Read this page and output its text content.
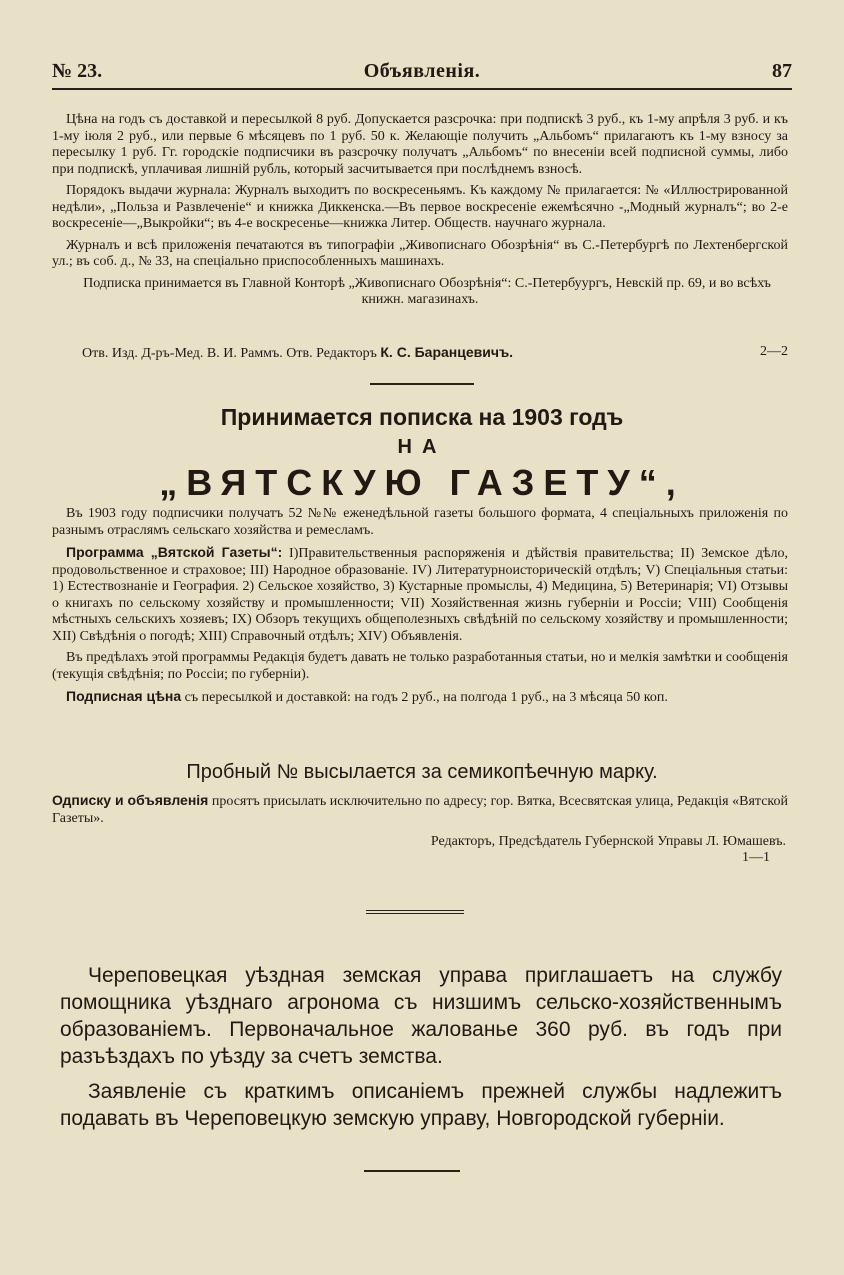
№ 23.	Объявленія.	87

Цѣна на годъ съ доставкой и пересылкой 8 руб. Допускается разсрочка: при подпискѣ 3 руб., къ 1-му апрѣля 3 руб. и къ 1-му іюля 2 руб., или первые 6 мѣсяцевъ по 1 руб. 50 к. Желающіе получить „Альбомъ“ прилагаютъ къ 1-му взносу за пересылку 1 руб. Гг. городскіе подписчики въ разсрочку получатъ „Альбомъ“ по внесеніи всей подписной суммы, либо при подпискѣ, уплачивая лишній рубль, который засчитывается при послѣднемъ взносѣ.

Порядокъ выдачи журнала: Журналъ выходитъ по воскресеньямъ. Къ каждому № прилагается: № «Иллюстрированной недѣли», „Польза и Развлеченіе“ и книжка Диккенска.—Въ первое воскресеніе ежемѣсячно -„Модный журналъ“; во 2-е воскресеніе—„Выкройки“; въ 4-е воскресенье—книжка Литер. Обществ. научнаго журнала.

Журналъ и всѣ приложенія печатаются въ типографіи „Живописнаго Обозрѣнія“ въ С.-Петербургѣ по Лехтенбергской ул.; въ соб. д., № 33, на спеціально приспособленныхъ машинахъ.

Подписка принимается въ Главной Конторѣ „Живописнаго Обозрѣнія“: С.-Петербуургъ, Невскій пр. 69, и во всѣхъ книжн. магазинахъ.

Отв. Изд. Д-ръ-Мед. В. И. Раммъ. Отв. Редакторъ К. С. Баранцевичъ.	2—2
Принимается пописка на 1903 годъ
НА
„ВЯТСКУЮ ГАЗЕТУ“,

Въ 1903 году подписчики получатъ 52 №№ еженедѣльной газеты большого формата, 4 спеціальныхъ приложенія по разнымъ отраслямъ сельскаго хозяйства и ремесламъ.

Программа „Вятской Газеты“: I)Правительственныя распоряженія и дѣйствія правительства; II) Земское дѣло, продовольственное и страховое; III) Народное образованіе. IV) Литературноисторическій отдѣлъ; V) Спеціальныя статьи: 1) Естествознаніе и География. 2) Сельское хозяйство, 3) Кустарные промыслы, 4) Медицина, 5) Ветеринарія; VI) Отзывы о книгахъ по сельскому хозяйству и промышленности; VII) Хозяйственная жизнь губерніи и Россіи; VIII) Сообщенія мѣстныхъ сельскихъ хозяевъ; IX) Обзоръ текущихъ общеполезныхъ свѣдѣній по сельскому хозяйству и промышленности; XII) Свѣдѣнія о погодѣ; XIII) Справочный отдѣлъ; XIV) Объявленія.

Въ предѣлахъ этой программы Редакція будетъ давать не только разработанныя статьи, но и мелкія замѣтки и сообщенія (текущія свѣдѣнія; по Россіи; по губерніи).

Подписная цѣна съ пересылкой и доставкой: на годъ 2 руб., на полгода 1 руб., на 3 мѣсяца 50 коп.

Пробный № высылается за семикопѣечную марку.

Одписку и объявленія просятъ присылать исключительно по адресу; гор. Вятка, Всесвятская улица, Редакція «Вятской Газеты».

Редакторъ, Предсѣдатель Губернской Управы Л. Юмашевъ.
1—1

Череповецкая уѣздная земская управа приглашаетъ на службу помощника уѣзднаго агронома съ низшимъ сельско-хозяйственнымъ образованіемъ. Первоначальное жалованье 360 руб. въ годъ при разъѣздахъ по уѣзду за счетъ земства.

Заявленіе съ краткимъ описаніемъ прежней службы надлежитъ подавать въ Череповецкую земскую управу, Новгородской губерніи.
